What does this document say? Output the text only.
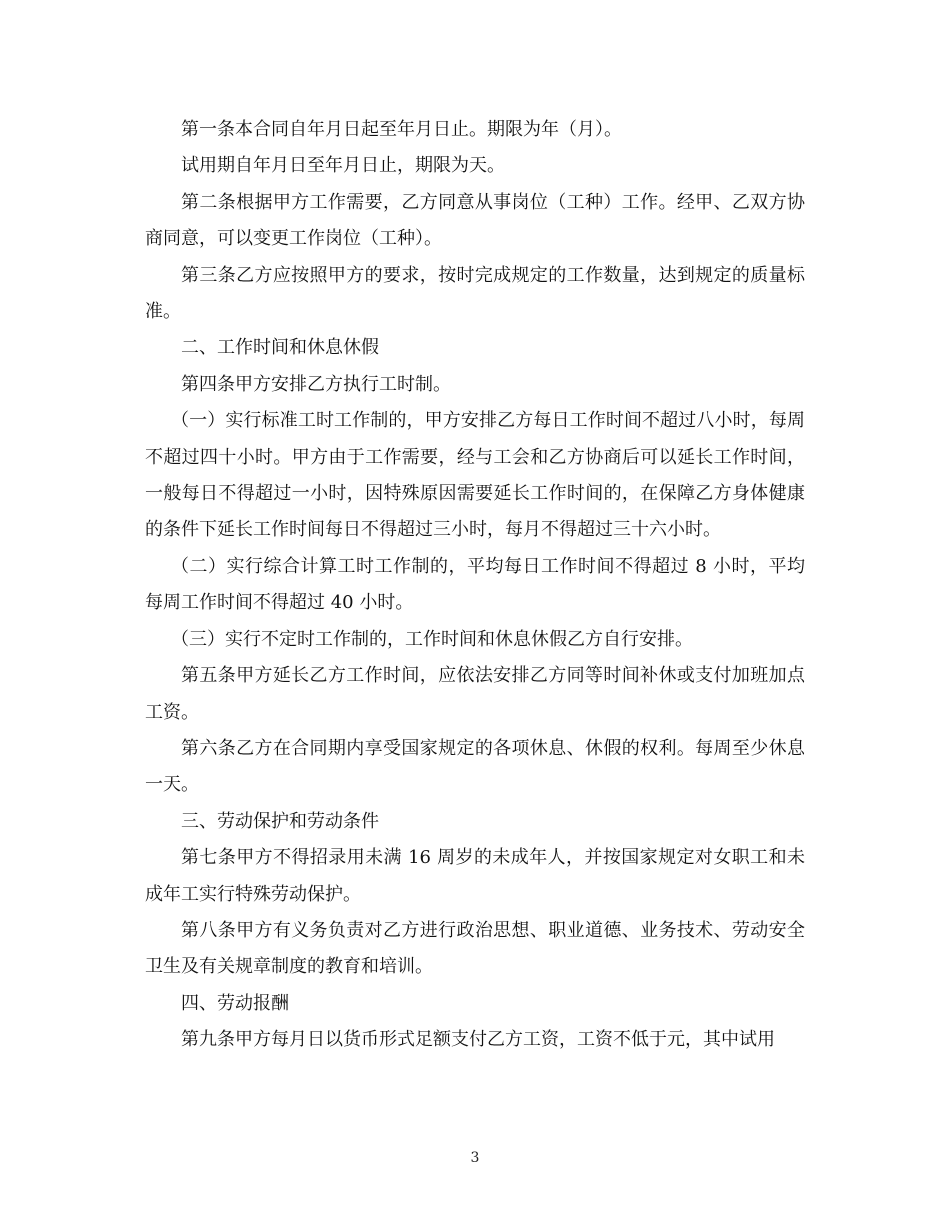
第一条本合同自年月日起至年月日止。期限为年（月）。

试用期自年月日至年月日止，期限为天。

第二条根据甲方工作需要，乙方同意从事岗位（工种）工作。经甲、乙双方协商同意，可以变更工作岗位（工种）。

第三条乙方应按照甲方的要求，按时完成规定的工作数量，达到规定的质量标准。

二、工作时间和休息休假

第四条甲方安排乙方执行工时制。

（一）实行标准工时工作制的，甲方安排乙方每日工作时间不超过八小时，每周不超过四十小时。甲方由于工作需要，经与工会和乙方协商后可以延长工作时间，一般每日不得超过一小时，因特殊原因需要延长工作时间的，在保障乙方身体健康的条件下延长工作时间每日不得超过三小时，每月不得超过三十六小时。

（二）实行综合计算工时工作制的，平均每日工作时间不得超过 8 小时，平均每周工作时间不得超过 40 小时。

（三）实行不定时工作制的，工作时间和休息休假乙方自行安排。

第五条甲方延长乙方工作时间，应依法安排乙方同等时间补休或支付加班加点工资。

第六条乙方在合同期内享受国家规定的各项休息、休假的权利。每周至少休息一天。

三、劳动保护和劳动条件

第七条甲方不得招录用未满 16 周岁的未成年人，并按国家规定对女职工和未成年工实行特殊劳动保护。

第八条甲方有义务负责对乙方进行政治思想、职业道德、业务技术、劳动安全卫生及有关规章制度的教育和培训。

四、劳动报酬

第九条甲方每月日以货币形式足额支付乙方工资，工资不低于元，其中试用

3
